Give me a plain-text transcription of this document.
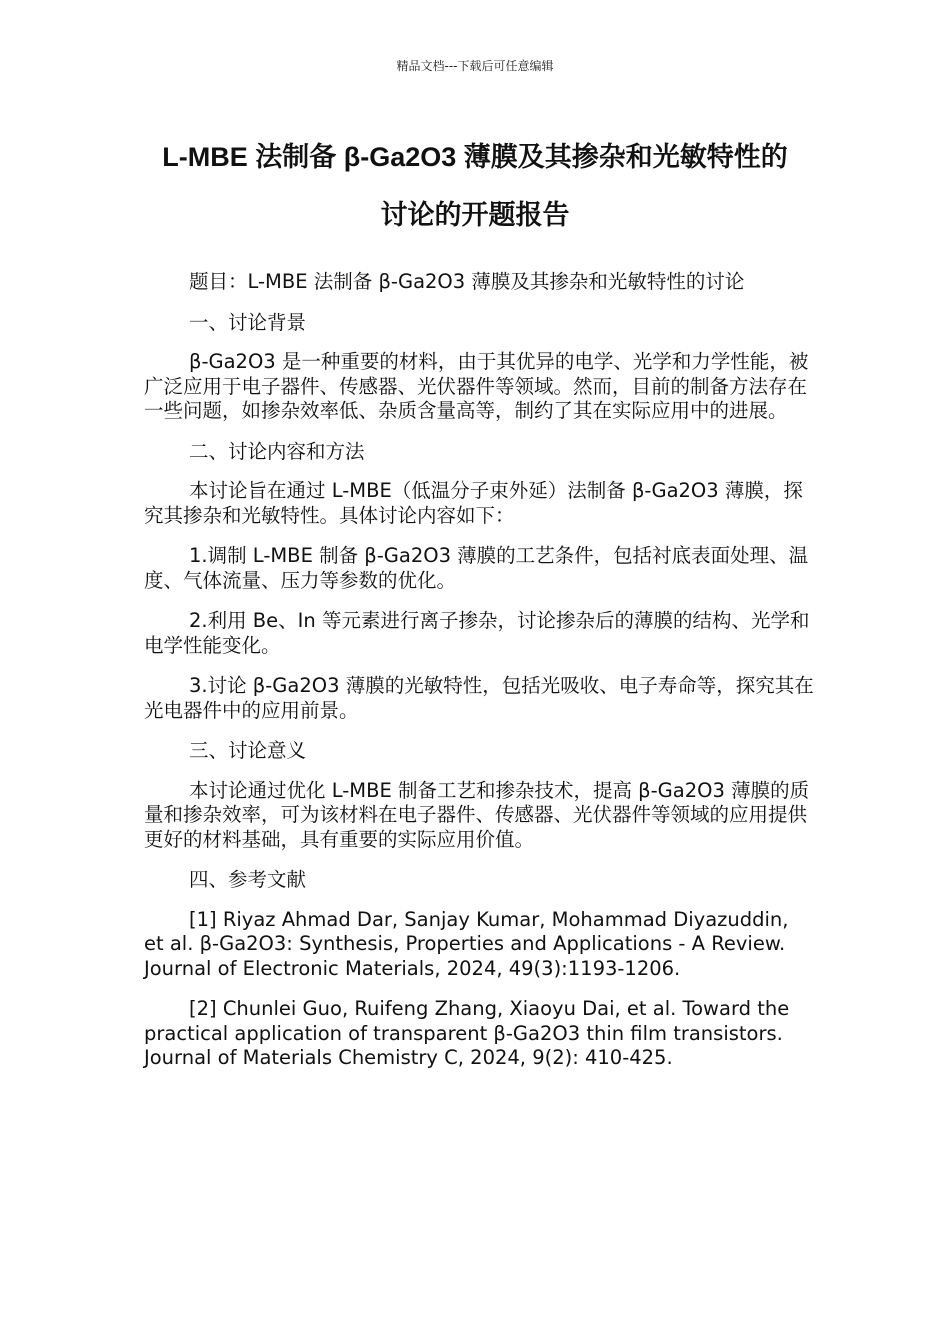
精品文档---下载后可任意编辑
L-MBE 法制备 β-Ga2O3 薄膜及其掺杂和光敏特性的
讨论的开题报告

题目：L-MBE 法制备 β-Ga2O3 薄膜及其掺杂和光敏特性的讨论

一、讨论背景

β-Ga2O3 是一种重要的材料，由于其优异的电学、光学和力学性能，被广泛应用于电子器件、传感器、光伏器件等领域。然而，目前的制备方法存在一些问题，如掺杂效率低、杂质含量高等，制约了其在实际应用中的进展。

二、讨论内容和方法

本讨论旨在通过 L-MBE（低温分子束外延）法制备 β-Ga2O3 薄膜，探究其掺杂和光敏特性。具体讨论内容如下：

1.调制 L-MBE 制备 β-Ga2O3 薄膜的工艺条件，包括衬底表面处理、温度、气体流量、压力等参数的优化。

2.利用 Be、In 等元素进行离子掺杂，讨论掺杂后的薄膜的结构、光学和电学性能变化。

3.讨论 β-Ga2O3 薄膜的光敏特性，包括光吸收、电子寿命等，探究其在光电器件中的应用前景。

三、讨论意义

本讨论通过优化 L-MBE 制备工艺和掺杂技术，提高 β-Ga2O3 薄膜的质量和掺杂效率，可为该材料在电子器件、传感器、光伏器件等领域的应用提供更好的材料基础，具有重要的实际应用价值。

四、参考文献

[1] Riyaz Ahmad Dar, Sanjay Kumar, Mohammad Diyazuddin, et al. β-Ga2O3: Synthesis, Properties and Applications - A Review. Journal of Electronic Materials, 2024, 49(3):1193-1206.

[2] Chunlei Guo, Ruifeng Zhang, Xiaoyu Dai, et al. Toward the practical application of transparent β-Ga2O3 thin film transistors. Journal of Materials Chemistry C, 2024, 9(2): 410-425.
